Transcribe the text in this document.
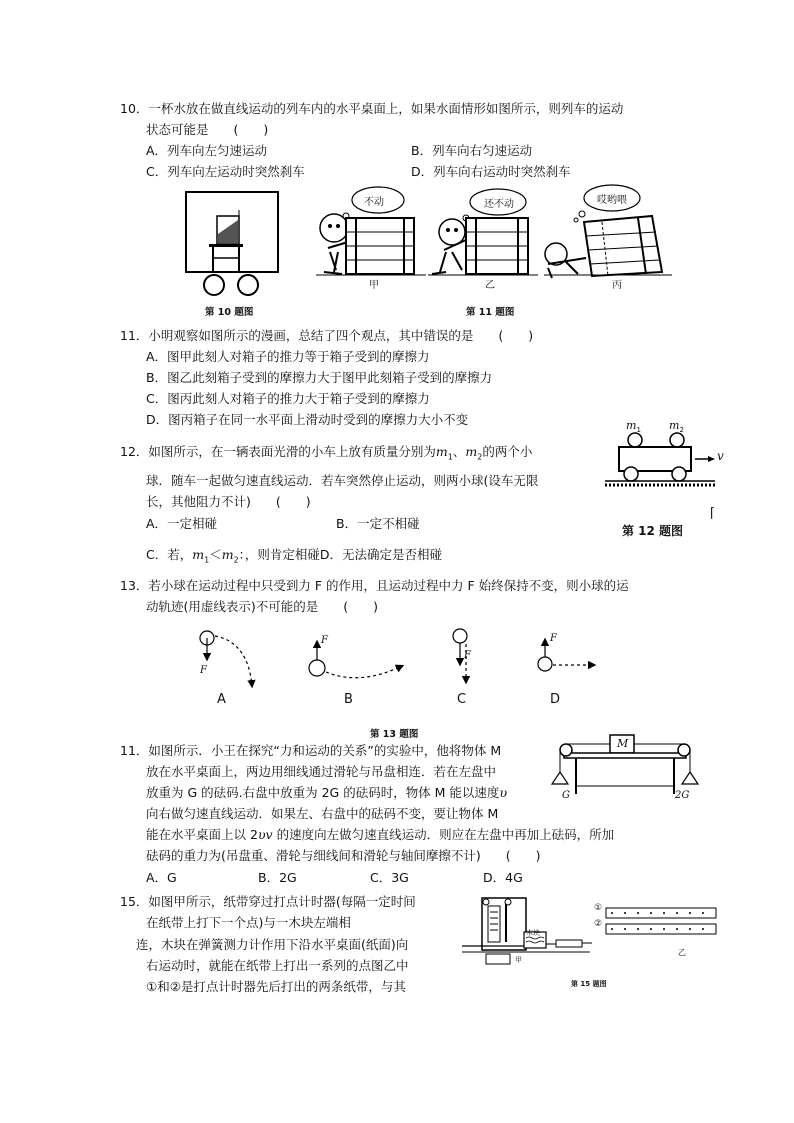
10．一杯水放在做直线运动的列车内的水平桌面上，如果水面情形如图所示，则列车的运动
状态可能是　　(　　)
A．列车向左匀速运动	B．列车向右匀速运动
C．列车向左运动时突然刹车	D．列车向右运动时突然刹车
第 10 题图
不动	还不动	哎哟喂
甲	乙	丙
第 11 题图
11．小明观察如图所示的漫画，总结了四个观点，其中错误的是　　(　　)
A．图甲此刻人对箱子的推力等于箱子受到的摩擦力
B．图乙此刻箱子受到的摩擦力大于图甲此刻箱子受到的摩擦力
C．图丙此刻人对箱子的推力大于箱子受到的摩擦力
D．图丙箱子在同一水平面上滑动时受到的摩擦力大小不变
12．如图所示，在一辆表面光滑的小车上放有质量分别为$m_1$、$m_2$的两个小
球．随车一起做匀速直线运动．若车突然停止运动，则两小球(设车无限
长，其他阻力不计)　　(　　)
A．一定相碰	B．一定不相碰
C．若，$m_1<m_2$：，则肯定相碰D．无法确定是否相碰
$m_1$	$m_2$
v
第 12 题图
⌈
13．若小球在运动过程中只受到力 F 的作用，且运动过程中力 F 始终保持不变，则小球的运
动轨迹(用虚线表示)不可能的是　　(　　)
F
F
F
F
A	B	C	D
第 13 题图
11．如图所示．小王在探究“力和运动的关系”的实验中，他将物体 M
放在水平桌面上，两边用细线通过滑轮与吊盘相连．若在左盘中
放重为 G 的砝码.右盘中放重为 2G 的砝码时，物体 M 能以速度υ
向右做匀速直线运动．如果左、右盘中的砝码不变，要让物体 M
能在水平桌面上以 2υv 的速度向左做匀速直线运动．则应在左盘中再加上砝码，所加
砝码的重力为(吊盘重、滑轮与细线间和滑轮与轴间摩擦不计)　　(　　)
A．G	B．2G	C．3G	D．4G
M
G	2G
15．如图甲所示，纸带穿过打点计时器(每隔一定时间
在纸带上打下一个点)与一木块左端相
连，木块在弹簧测力计作用下沿水平桌面(纸面)向
右运动时，就能在纸带上打出一系列的点图乙中
①和②是打点计时器先后打出的两条纸带，与其
木块
甲
乙
①
②
第 15 题图
